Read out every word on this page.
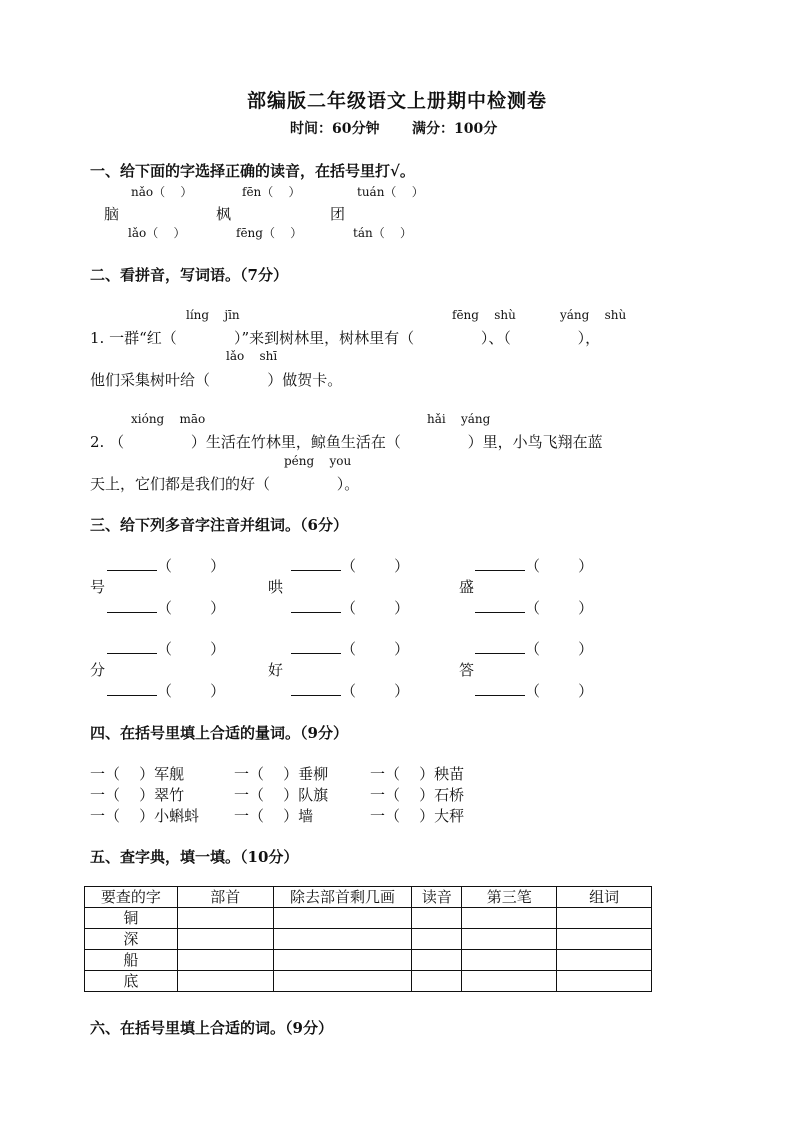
部编版二年级语文上册期中检测卷
时间：60分钟 满分：100分
一、给下面的字选择正确的读音，在括号里打√。
nǎo（    ）	fēn（    ）	tuán（    ）
脑	枫	团
lǎo（    ）	fēng（    ）	tán（    ）
二、看拼音，写词语。（7分）
líng    jīn	fēng    shù	yáng    shù
1. 一群“红（            ）”来到树林里，树林里有（              ）、（              ），
lǎo    shī
他们采集树叶给（            ）做贺卡。
xióng    māo	hǎi    yáng
2. （              ）生活在竹林里，鲸鱼生活在（              ）里，小鸟飞翔在蓝
péng    you
天上，它们都是我们的好（              ）。
三、给下列多音字注音并组词。（6分）
（        ）	（        ）	（        ）
号	哄	盛
（        ）	（        ）	（        ）
（        ）	（        ）	（        ）
分	好	答
（        ）	（        ）	（        ）
四、在括号里填上合适的量词。（9分）
一（    ）军舰	一（    ）垂柳	一（    ）秧苗
一（    ）翠竹	一（    ）队旗	一（    ）石桥
一（    ）小蝌蚪 一（    ）墙	一（    ）大秤
五、查字典，填一填。（10分）
要查的字	部首	除去部首剩几画	读音	第三笔	组词
铜					
深					
船					
底					
六、在括号里填上合适的词。（9分）
